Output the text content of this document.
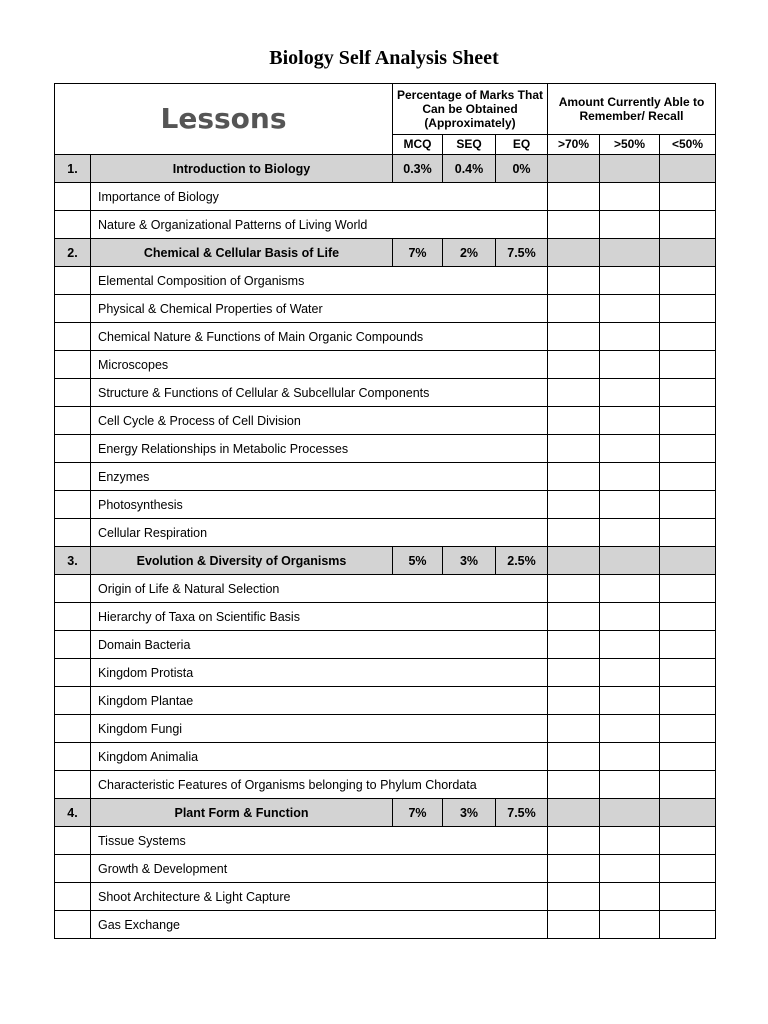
Biology Self Analysis Sheet
Lessons		Percentage of Marks That Can be Obtained (Approximately)			Amount Currently Able to Remember/ Recall		
		MCQ	SEQ	EQ	>70%	>50%	<50%
1.	Introduction to Biology	0.3%	0.4%	0%			
	Importance of Biology						
	Nature & Organizational Patterns of Living World						
2.	Chemical & Cellular Basis of Life	7%	2%	7.5%			
	Elemental Composition of Organisms						
	Physical & Chemical Properties of Water						
	Chemical Nature & Functions of Main Organic Compounds						
	Microscopes						
	Structure & Functions of Cellular & Subcellular Components						
	Cell Cycle & Process of Cell Division						
	Energy Relationships in Metabolic Processes						
	Enzymes						
	Photosynthesis						
	Cellular Respiration						
3.	Evolution & Diversity of Organisms	5%	3%	2.5%			
	Origin of Life & Natural Selection						
	Hierarchy of Taxa on Scientific Basis						
	Domain Bacteria						
	Kingdom Protista						
	Kingdom Plantae						
	Kingdom Fungi						
	Kingdom Animalia						
	Characteristic Features of Organisms belonging to Phylum Chordata						
4.	Plant Form & Function	7%	3%	7.5%			
	Tissue Systems						
	Growth & Development						
	Shoot Architecture & Light Capture						
	Gas Exchange						
